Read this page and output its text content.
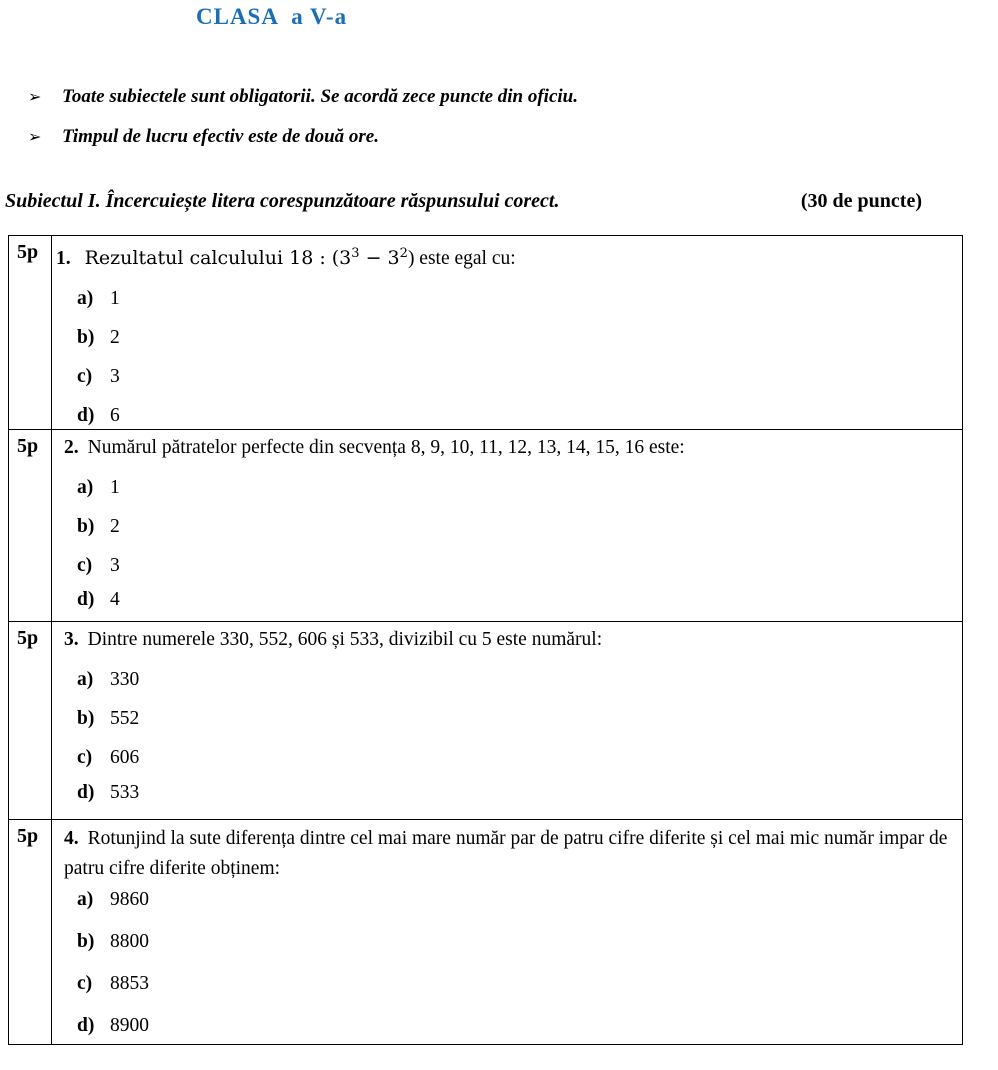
CLASA  a V-a
➢	Toate subiectele sunt obligatorii. Se acordă zece puncte din oficiu.
➢	Timpul de lucru efectiv este de două ore.
Subiectul I. Încercuiește litera corespunzătoare răspunsului corect.	(30 de puncte)
5p	1. Rezultatul calculului 18 : $(3^3 - 3^2)$ este egal cu:
a) 1
b) 2
c) 3
d) 6

5p	2. Numărul pătratelor perfecte din secvența 8, 9, 10, 11, 12, 13, 14, 15, 16 este:
a) 1
b) 2
c) 3
d) 4

5p	3. Dintre numerele 330, 552, 606 și 533, divizibil cu 5 este numărul:
a) 330
b) 552
c) 606
d) 533

5p	4. Rotunjind la sute diferența dintre cel mai mare număr par de patru cifre diferite și cel mai mic număr impar de patru cifre diferite obținem:
a) 9860
b) 8800
c) 8853
d) 8900
